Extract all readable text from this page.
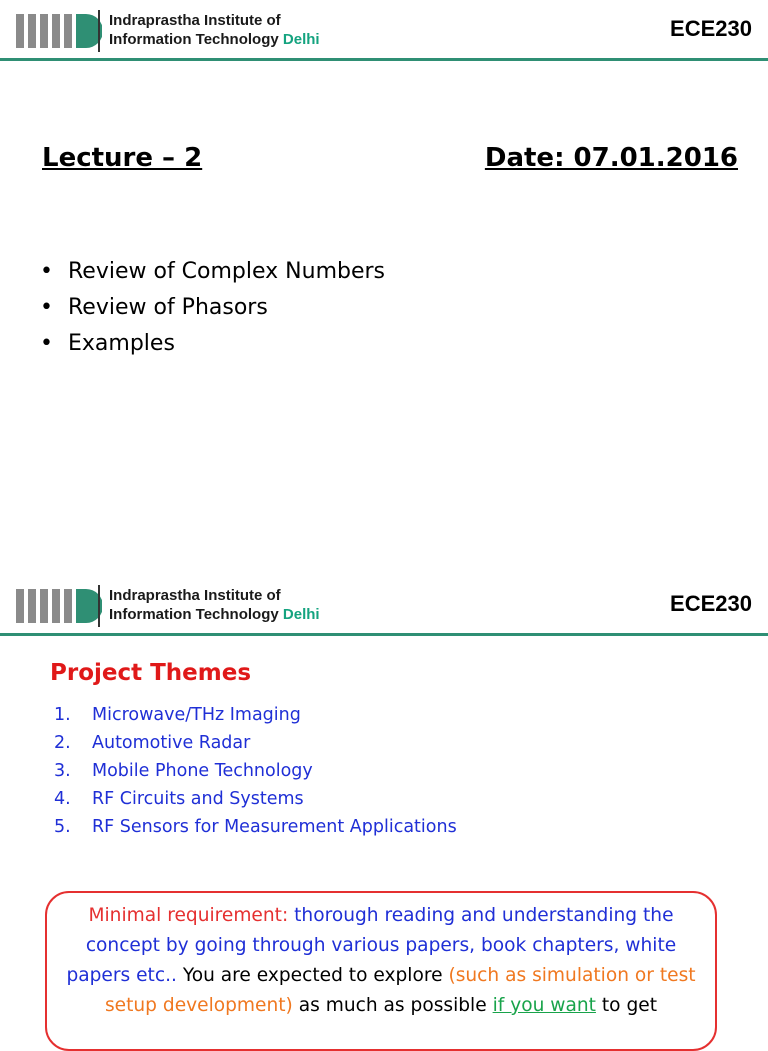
Indraprastha Institute of
Information Technology Delhi	ECE230
Lecture – 2	Date: 07.01.2016
• Review of Complex Numbers
• Review of Phasors
• Examples
Indraprastha Institute of
Information Technology Delhi	ECE230
Project Themes
1. Microwave/THz Imaging
2. Automotive Radar
3. Mobile Phone Technology
4. RF Circuits and Systems
5. RF Sensors for Measurement Applications
Minimal requirement: thorough reading and understanding the concept by going through various papers, book chapters, white papers etc.. You are expected to explore (such as simulation or test setup development) as much as possible if you want to get
